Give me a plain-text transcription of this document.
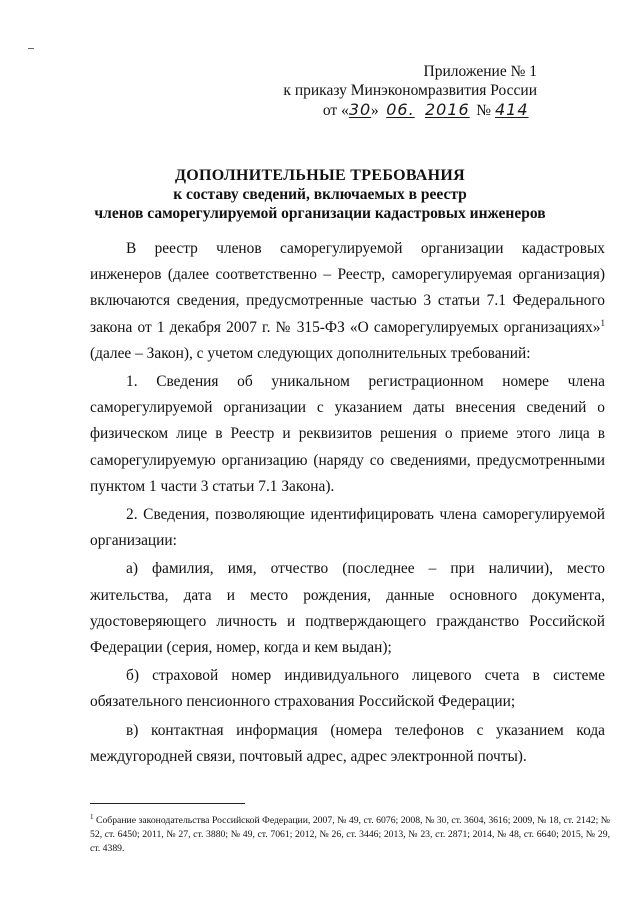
Приложение № 1
к приказу Минэкономразвития России
от «30» 06. 2016 № 414
ДОПОЛНИТЕЛЬНЫЕ ТРЕБОВАНИЯ
к составу сведений, включаемых в реестр
членов саморегулируемой организации кадастровых инженеров

В реестр членов саморегулируемой организации кадастровых инженеров (далее соответственно – Реестр, саморегулируемая организация) включаются сведения, предусмотренные частью 3 статьи 7.1 Федерального закона от 1 декабря 2007 г. № 315-ФЗ «О саморегулируемых организациях»$^1$ (далее – Закон), с учетом следующих дополнительных требований:

1. Сведения об уникальном регистрационном номере члена саморегулируемой организации с указанием даты внесения сведений о физическом лице в Реестр и реквизитов решения о приеме этого лица в саморегулируемую организацию (наряду со сведениями, предусмотренными пунктом 1 части 3 статьи 7.1 Закона).

2. Сведения, позволяющие идентифицировать члена саморегулируемой организации:

а) фамилия, имя, отчество (последнее – при наличии), место жительства, дата и место рождения, данные основного документа, удостоверяющего личность и подтверждающего гражданство Российской Федерации (серия, номер, когда и кем выдан);

б) страховой номер индивидуального лицевого счета в системе обязательного пенсионного страхования Российской Федерации;

в) контактная информация (номера телефонов с указанием кода междугородней связи, почтовый адрес, адрес электронной почты).

$^1$ Собрание законодательства Российской Федерации, 2007, № 49, ст. 6076; 2008, № 30, ст. 3604, 3616; 2009, № 18, ст. 2142; № 52, ст. 6450; 2011, № 27, ст. 3880; № 49, ст. 7061; 2012, № 26, ст. 3446; 2013, № 23, ст. 2871; 2014, № 48, ст. 6640; 2015, № 29, ст. 4389.
